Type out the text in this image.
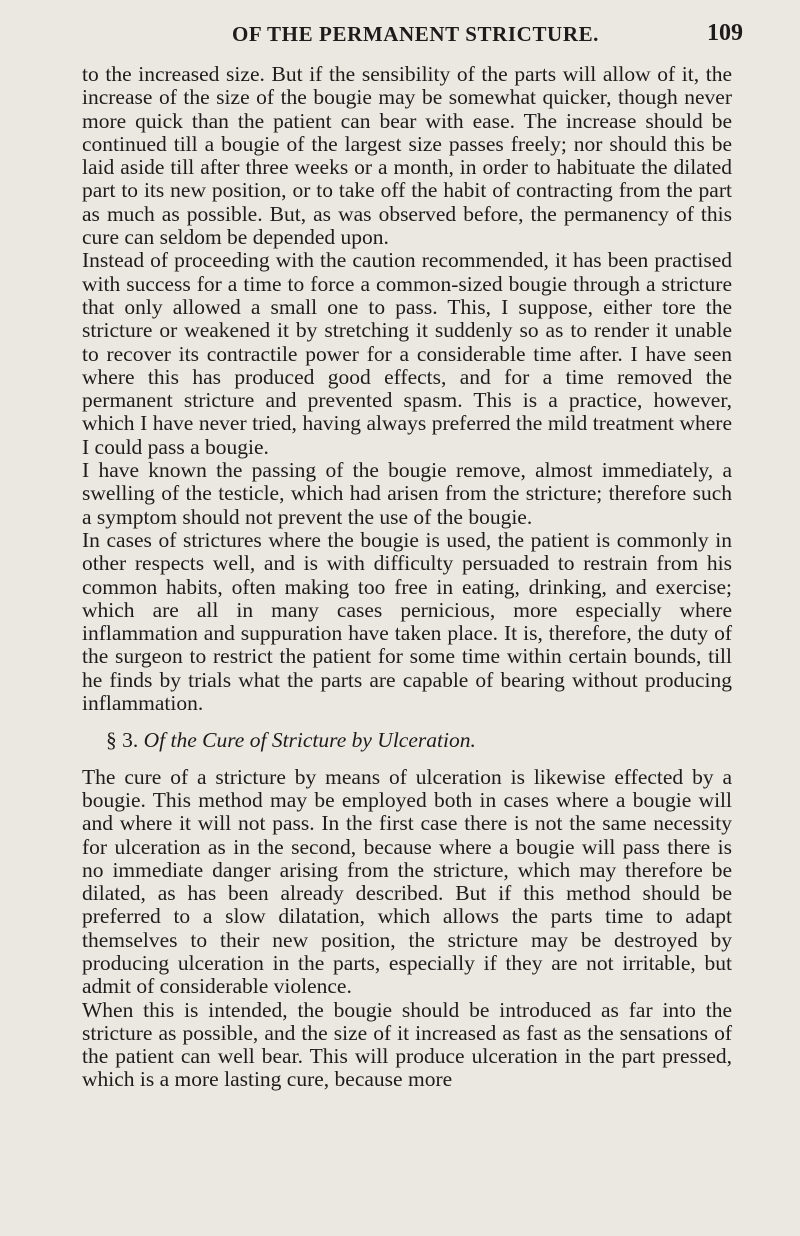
OF THE PERMANENT STRICTURE.	109

to the increased size. But if the sensibility of the parts will allow of it, the increase of the size of the bougie may be somewhat quicker, though never more quick than the patient can bear with ease. The increase should be continued till a bougie of the largest size passes freely; nor should this be laid aside till after three weeks or a month, in order to habituate the dilated part to its new position, or to take off the habit of contracting from the part as much as possible. But, as was observed before, the permanency of this cure can seldom be depended upon.

Instead of proceeding with the caution recommended, it has been practised with success for a time to force a common-sized bougie through a stricture that only allowed a small one to pass. This, I suppose, either tore the stricture or weakened it by stretching it suddenly so as to render it unable to recover its contractile power for a considerable time after. I have seen where this has produced good effects, and for a time removed the permanent stricture and prevented spasm. This is a practice, however, which I have never tried, having always preferred the mild treatment where I could pass a bougie.

I have known the passing of the bougie remove, almost immediately, a swelling of the testicle, which had arisen from the stricture; therefore such a symptom should not prevent the use of the bougie.

In cases of strictures where the bougie is used, the patient is commonly in other respects well, and is with difficulty persuaded to restrain from his common habits, often making too free in eating, drinking, and exercise; which are all in many cases pernicious, more especially where inflammation and suppuration have taken place. It is, therefore, the duty of the surgeon to restrict the patient for some time within certain bounds, till he finds by trials what the parts are capable of bearing without producing inflammation.

§ 3. Of the Cure of Stricture by Ulceration.

The cure of a stricture by means of ulceration is likewise effected by a bougie. This method may be employed both in cases where a bougie will and where it will not pass. In the first case there is not the same necessity for ulceration as in the second, because where a bougie will pass there is no immediate danger arising from the stricture, which may therefore be dilated, as has been already described. But if this method should be preferred to a slow dilatation, which allows the parts time to adapt themselves to their new position, the stricture may be destroyed by producing ulceration in the parts, especially if they are not irritable, but admit of considerable violence.

When this is intended, the bougie should be introduced as far into the stricture as possible, and the size of it increased as fast as the sensations of the patient can well bear. This will produce ulceration in the part pressed, which is a more lasting cure, because more
